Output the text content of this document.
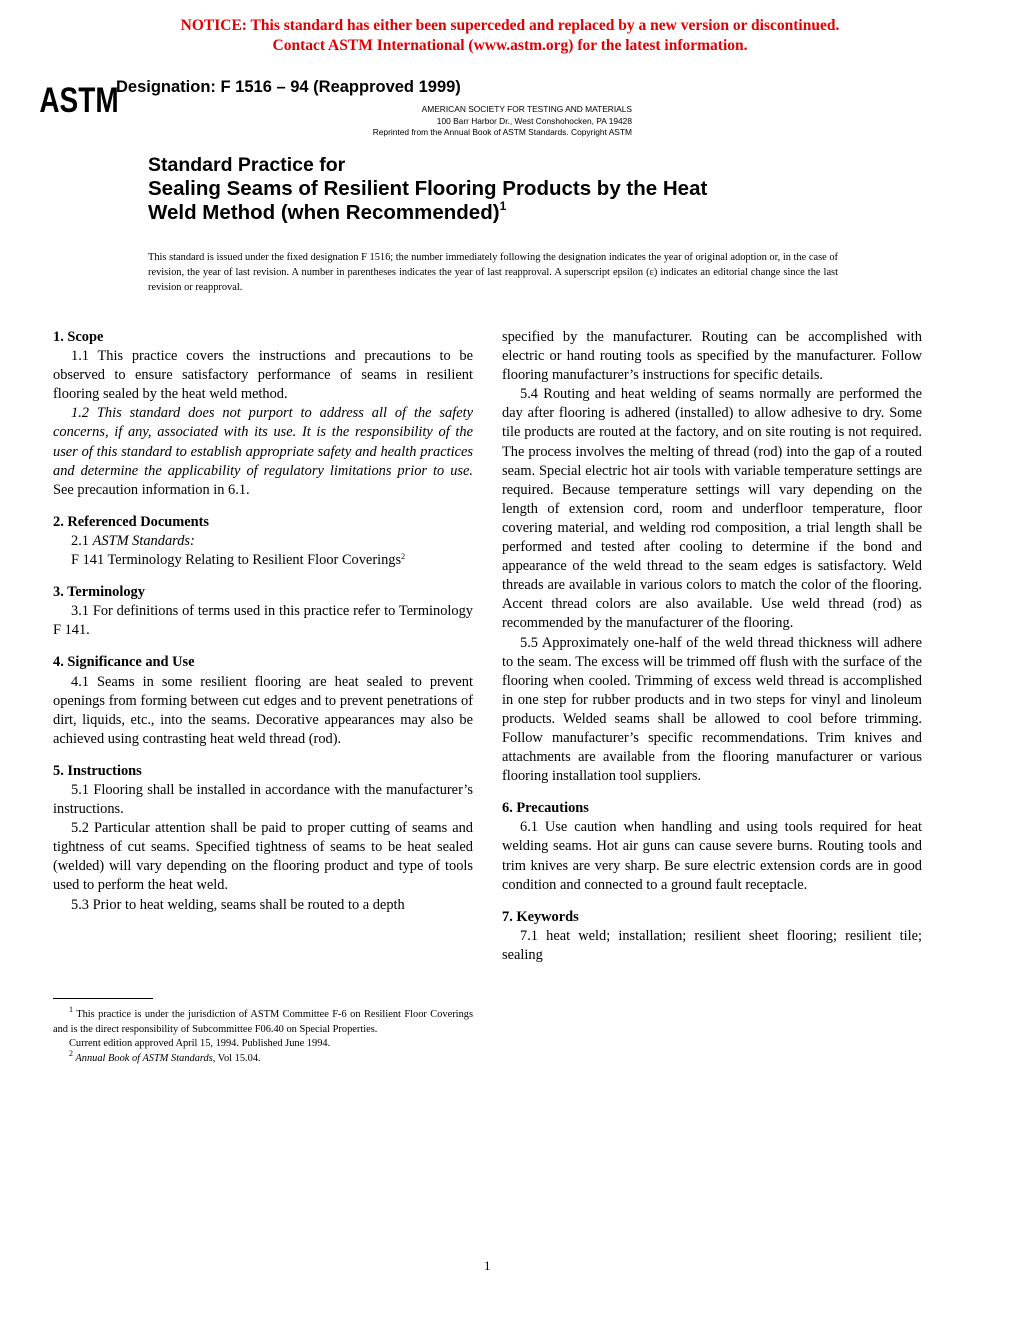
NOTICE: This standard has either been superceded and replaced by a new version or discontinued.
Contact ASTM International (www.astm.org) for the latest information.
ASTM
Designation: F 1516 – 94 (Reapproved 1999)
AMERICAN SOCIETY FOR TESTING AND MATERIALS
100 Barr Harbor Dr., West Conshohocken, PA 19428
Reprinted from the Annual Book of ASTM Standards. Copyright ASTM
Standard Practice for
Sealing Seams of Resilient Flooring Products by the Heat
Weld Method (when Recommended)$^1$
This standard is issued under the fixed designation F 1516; the number immediately following the designation indicates the year of original adoption or, in the case of revision, the year of last revision. A number in parentheses indicates the year of last reapproval. A superscript epsilon (ε) indicates an editorial change since the last revision or reapproval.
1. Scope

1.1 This practice covers the instructions and precautions to be observed to ensure satisfactory performance of seams in resilient flooring sealed by the heat weld method.

1.2 This standard does not purport to address all of the safety concerns, if any, associated with its use. It is the responsibility of the user of this standard to establish appropriate safety and health practices and determine the applicability of regulatory limitations prior to use. See precaution information in 6.1.

2. Referenced Documents

2.1 ASTM Standards:

F 141 Terminology Relating to Resilient Floor Coverings$^2$

3. Terminology

3.1 For definitions of terms used in this practice refer to Terminology F 141.

4. Significance and Use

4.1 Seams in some resilient flooring are heat sealed to prevent openings from forming between cut edges and to prevent penetrations of dirt, liquids, etc., into the seams. Decorative appearances may also be achieved using contrasting heat weld thread (rod).

5. Instructions

5.1 Flooring shall be installed in accordance with the manufacturer’s instructions.

5.2 Particular attention shall be paid to proper cutting of seams and tightness of cut seams. Specified tightness of seams to be heat sealed (welded) will vary depending on the flooring product and type of tools used to perform the heat weld.

5.3 Prior to heat welding, seams shall be routed to a depth

specified by the manufacturer. Routing can be accomplished with electric or hand routing tools as specified by the manufacturer. Follow flooring manufacturer’s instructions for specific details.

5.4 Routing and heat welding of seams normally are performed the day after flooring is adhered (installed) to allow adhesive to dry. Some tile products are routed at the factory, and on site routing is not required. The process involves the melting of thread (rod) into the gap of a routed seam. Special electric hot air tools with variable temperature settings are required. Because temperature settings will vary depending on the length of extension cord, room and underfloor temperature, floor covering material, and welding rod composition, a trial length shall be performed and tested after cooling to determine if the bond and appearance of the weld thread to the seam edges is satisfactory. Weld threads are available in various colors to match the color of the flooring. Accent thread colors are also available. Use weld thread (rod) as recommended by the manufacturer of the flooring.

5.5 Approximately one-half of the weld thread thickness will adhere to the seam. The excess will be trimmed off flush with the surface of the flooring when cooled. Trimming of excess weld thread is accomplished in one step for rubber products and in two steps for vinyl and linoleum products. Welded seams shall be allowed to cool before trimming. Follow manufacturer’s specific recommendations. Trim knives and attachments are available from the flooring manufacturer or various flooring installation tool suppliers.

6. Precautions

6.1 Use caution when handling and using tools required for heat welding seams. Hot air guns can cause severe burns. Routing tools and trim knives are very sharp. Be sure electric extension cords are in good condition and connected to a ground fault receptacle.

7. Keywords

7.1 heat weld; installation; resilient sheet flooring; resilient tile; sealing

$^1$ This practice is under the jurisdiction of ASTM Committee F-6 on Resilient Floor Coverings and is the direct responsibility of Subcommittee F06.40 on Special Properties.

Current edition approved April 15, 1994. Published June 1994.

$^2$ Annual Book of ASTM Standards, Vol 15.04.

1
